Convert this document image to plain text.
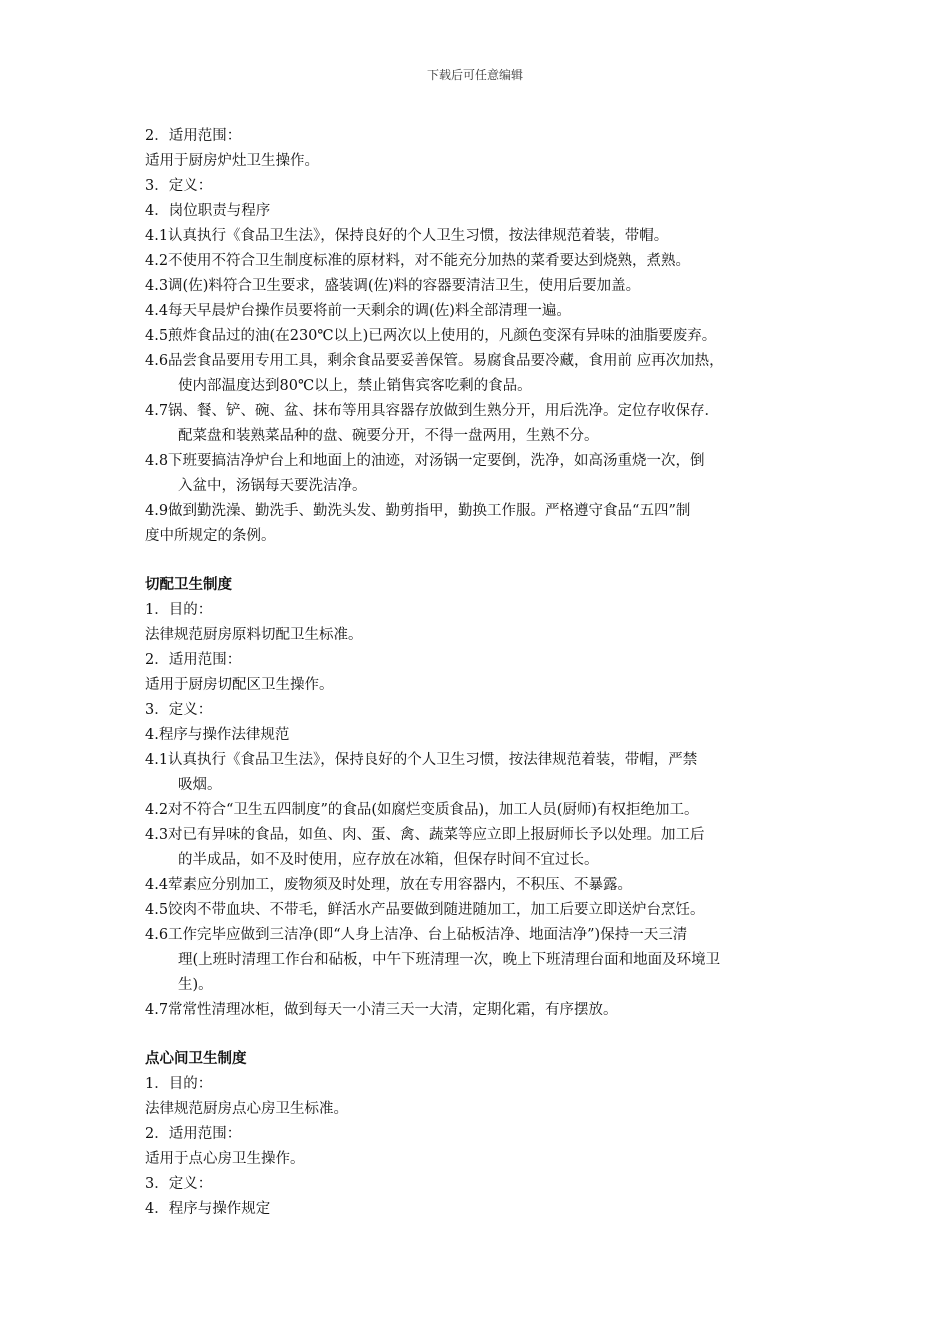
下载后可任意编辑
2．适用范围：
适用于厨房炉灶卫生操作。
3．定义：
4．岗位职责与程序
4.1认真执行《食品卫生法》，保持良好的个人卫生习惯，按法律规范着装，带帽。
4.2不使用不符合卫生制度标准的原材料，对不能充分加热的菜肴要达到烧熟，煮熟。
4.3调(佐)料符合卫生要求，盛装调(佐)料的容器要清洁卫生，使用后要加盖。
4.4每天早晨炉台操作员要将前一天剩余的调(佐)料全部清理一遍。
4.5煎炸食品过的油(在230℃以上)已两次以上使用的，凡颜色变深有异味的油脂要废弃。
4.6品尝食品要用专用工具，剩余食品要妥善保管。易腐食品要冷藏，食用前 应再次加热，
使内部温度达到80℃以上，禁止销售宾客吃剩的食品。
4.7锅、餐、铲、碗、盆、抹布等用具容器存放做到生熟分开，用后洗净。定位存收保存．
配菜盘和装熟菜品种的盘、碗要分开，不得一盘两用，生熟不分。
4.8下班要搞洁净炉台上和地面上的油迹，对汤锅一定要倒，洗净，如高汤重烧一次，倒
入盆中，汤锅每天要洗洁净。
4.9做到勤洗澡、勤洗手、勤洗头发、勤剪指甲，勤换工作服。严格遵守食品“五四”制
度中所规定的条例。
切配卫生制度
1．目的：
法律规范厨房原料切配卫生标准。
2．适用范围：
适用于厨房切配区卫生操作。
3．定义：
4.程序与操作法律规范
4.1认真执行《食品卫生法》，保持良好的个人卫生习惯，按法律规范着装，带帽，严禁
吸烟。
4.2对不符合“卫生五四制度”的食品(如腐烂变质食品)，加工人员(厨师)有权拒绝加工。
4.3对已有异味的食品，如鱼、肉、蛋、禽、蔬菜等应立即上报厨师长予以处理。加工后
的半成品，如不及时使用，应存放在冰箱，但保存时间不宜过长。
4.4荤素应分别加工，废物须及时处理，放在专用容器内，不积压、不暴露。
4.5饺肉不带血块、不带毛，鲜活水产品要做到随进随加工，加工后要立即送炉台烹饪。
4.6工作完毕应做到三洁净(即“人身上洁净、台上砧板洁净、地面洁净”)保持一天三清
理(上班时清理工作台和砧板，中午下班清理一次，晚上下班清理台面和地面及环境卫
生)。
4.7常常性清理冰柜，做到每天一小清三天一大清，定期化霜，有序摆放。
点心间卫生制度
1．目的：
法律规范厨房点心房卫生标准。
2．适用范围：
适用于点心房卫生操作。
3．定义：
4．程序与操作规定
